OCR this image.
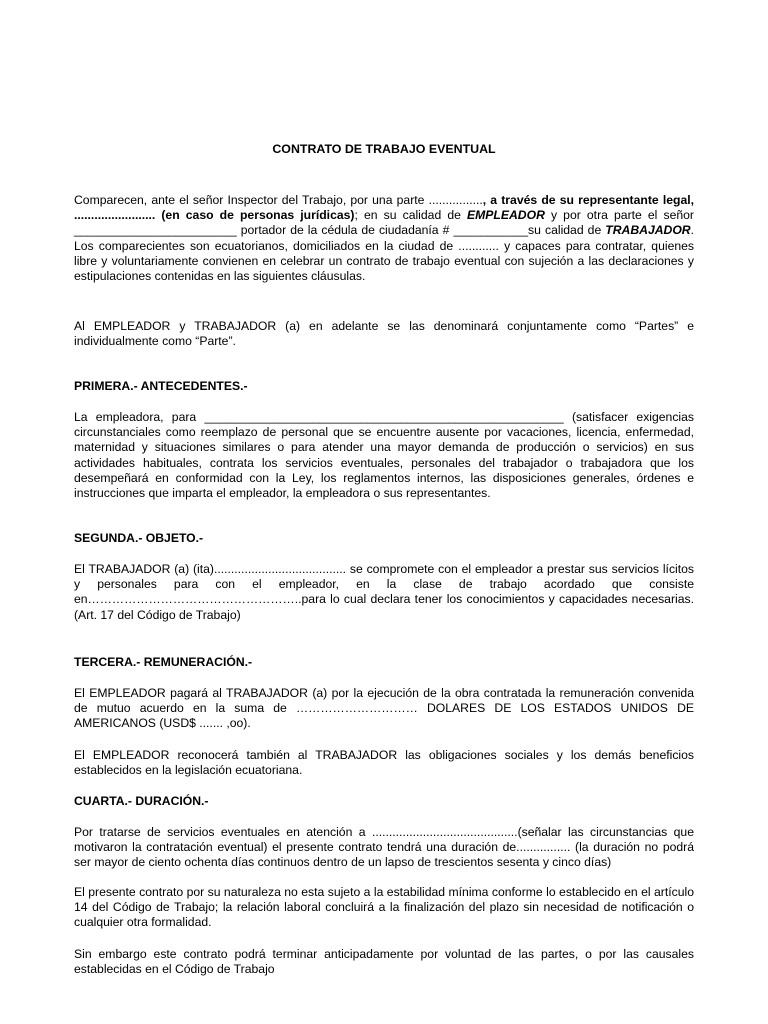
CONTRATO DE TRABAJO EVENTUAL

Comparecen, ante el señor Inspector del Trabajo, por una parte ................, a través de su representante legal, ........................ (en caso de personas jurídicas); en su calidad de EMPLEADOR y por otra parte el señor ________________________ portador de la cédula de ciudadanía # ___________su calidad de TRABAJADOR. Los comparecientes son ecuatorianos, domiciliados en la ciudad de ............ y capaces para contratar, quienes libre y voluntariamente convienen en celebrar un contrato de trabajo eventual con sujeción a las declaraciones y estipulaciones contenidas en las siguientes cláusulas.

Al EMPLEADOR y TRABAJADOR (a) en adelante se las denominará conjuntamente como “Partes” e individualmente como “Parte”.

PRIMERA.- ANTECEDENTES.-

La empleadora, para _____________________________________________________ (satisfacer exigencias circunstanciales como reemplazo de personal que se encuentre ausente por vacaciones, licencia, enfermedad, maternidad y situaciones similares o para atender una mayor demanda de producción o servicios) en sus actividades habituales, contrata los servicios eventuales, personales del trabajador o trabajadora que los desempeñará en conformidad con la Ley, los reglamentos internos, las disposiciones generales, órdenes e instrucciones que imparta el empleador, la empleadora o sus representantes.

SEGUNDA.- OBJETO.-

El TRABAJADOR (a) (ita)....................................... se compromete con el empleador a prestar sus servicios lícitos y personales para con el empleador, en la clase de trabajo acordado que consiste en……………………………………………..para lo cual declara tener los conocimientos y capacidades necesarias. (Art. 17 del Código de Trabajo)

TERCERA.- REMUNERACIÓN.-

El EMPLEADOR pagará al TRABAJADOR (a) por la ejecución de la obra contratada la remuneración convenida de mutuo acuerdo en la suma de ………………………… DOLARES DE LOS ESTADOS UNIDOS DE AMERICANOS (USD$ ....... ,oo).

El EMPLEADOR reconocerá también al TRABAJADOR las obligaciones sociales y los demás beneficios establecidos en la legislación ecuatoriana.

CUARTA.- DURACIÓN.-

Por tratarse de servicios eventuales en atención a ...........................................(señalar las circunstancias que motivaron la contratación eventual) el presente contrato tendrá una duración de................ (la duración no podrá ser mayor de ciento ochenta días continuos dentro de un lapso de trescientos sesenta y cinco días)

El presente contrato por su naturaleza no esta sujeto a la estabilidad mínima conforme lo establecido en el artículo 14 del Código de Trabajo; la relación laboral concluirá a la finalización del plazo sin necesidad de notificación o cualquier otra formalidad.

Sin embargo este contrato podrá terminar anticipadamente por voluntad de las partes, o por las causales establecidas en el Código de Trabajo
